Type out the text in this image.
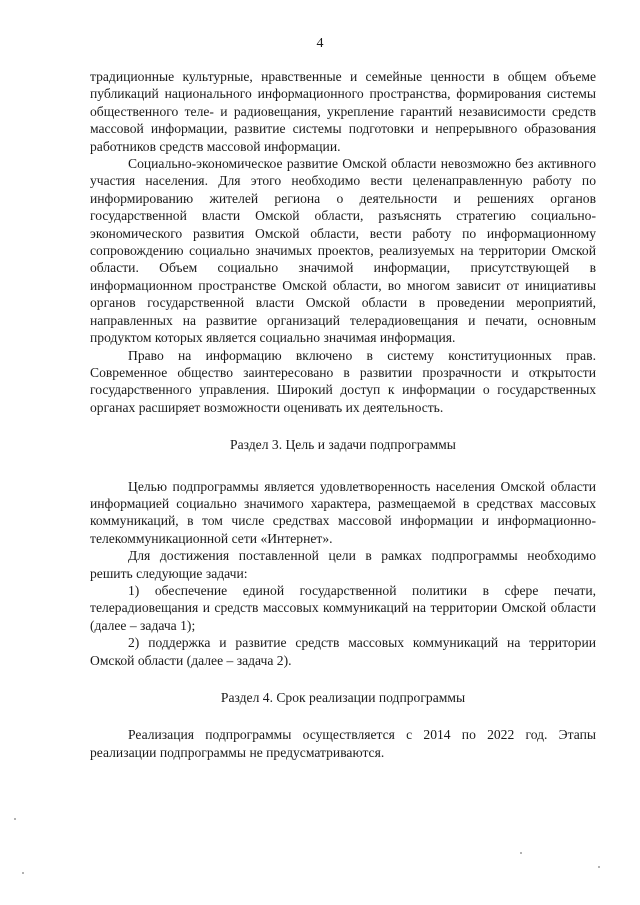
4

традиционные культурные, нравственные и семейные ценности в общем объеме публикаций национального информационного пространства, формирования системы общественного теле- и радиовещания, укрепление гарантий независимости средств массовой информации, развитие системы подготовки и непрерывного образования работников средств массовой информации.

Социально-экономическое развитие Омской области невозможно без активного участия населения. Для этого необходимо вести целенаправленную работу по информированию жителей региона о деятельности и решениях органов государственной власти Омской области, разъяснять стратегию социально-экономического развития Омской области, вести работу по информационному сопровождению социально значимых проектов, реализуемых на территории Омской области. Объем социально значимой информации, присутствующей в информационном пространстве Омской области, во многом зависит от инициативы органов государственной власти Омской области в проведении мероприятий, направленных на развитие организаций телерадиовещания и печати, основным продуктом которых является социально значимая информация.

Право на информацию включено в систему конституционных прав. Современное общество заинтересовано в развитии прозрачности и открытости государственного управления. Широкий доступ к информации о государственных органах расширяет возможности оценивать их деятельность.

Раздел 3. Цель и задачи подпрограммы

Целью подпрограммы является удовлетворенность населения Омской области информацией социально значимого характера, размещаемой в средствах массовых коммуникаций, в том числе средствах массовой информации и информационно-телекоммуникационной сети «Интернет».

Для достижения поставленной цели в рамках подпрограммы необходимо решить следующие задачи:

1) обеспечение единой государственной политики в сфере печати, телерадиовещания и средств массовых коммуникаций на территории Омской области (далее – задача 1);

2) поддержка и развитие средств массовых коммуникаций на территории Омской области (далее – задача 2).

Раздел 4. Срок реализации подпрограммы

Реализация подпрограммы осуществляется с 2014 по 2022 год. Этапы реализации подпрограммы не предусматриваются.
